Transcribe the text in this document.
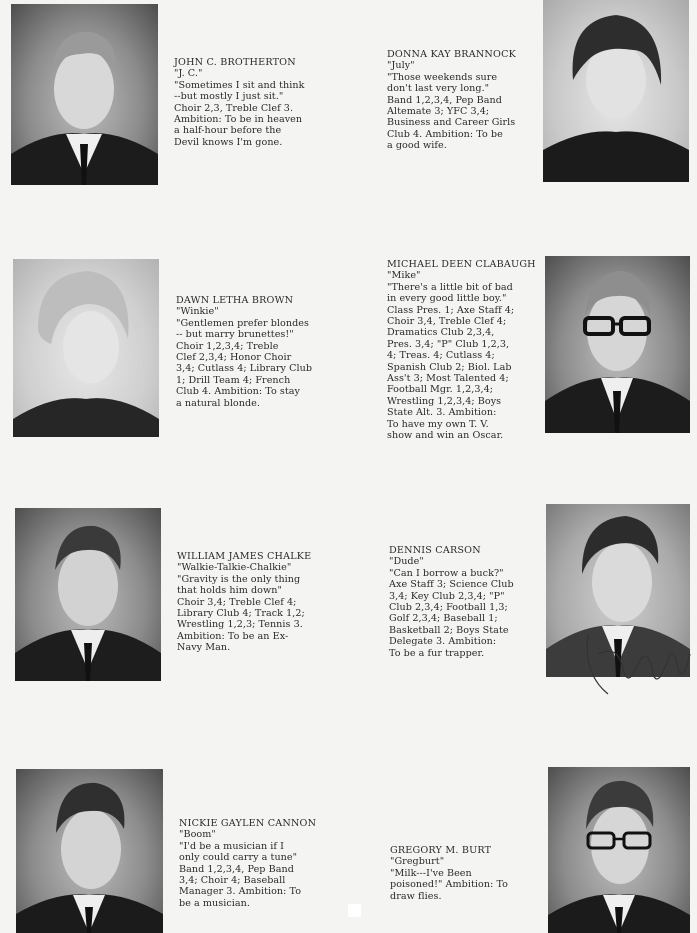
JOHN C. BROTHERTON
"J. C."
"Sometimes I sit and think
--but mostly I just sit."
Choir 2,3, Treble Clef 3.
Ambition: To be in heaven
a half-hour before the
Devil knows I'm gone.
DONNA KAY BRANNOCK
"July"
"Those weekends sure
don't last very long."
Band 1,2,3,4, Pep Band
Altemate 3; YFC 3,4;
Business and Career Girls
Club 4. Ambition: To be
a good wife.
DAWN LETHA BROWN
"Winkie"
"Gentlemen prefer blondes
-- but marry brunettes!"
Choir 1,2,3,4; Treble
Clef 2,3,4; Honor Choir
3,4; Cutlass 4; Library Club
1; Drill Team 4; French
Club 4. Ambition: To stay
a natural blonde.
MICHAEL DEEN CLABAUGH
"Mike"
"There's a little bit of bad
in every good little boy."
Class Pres. 1; Axe Staff 4;
Choir 3,4, Treble Clef 4;
Dramatics Club 2,3,4,
Pres. 3,4; "P" Club 1,2,3,
4; Treas. 4; Cutlass 4;
Spanish Club 2; Biol. Lab
Ass't 3; Most Talented 4;
Football Mgr. 1,2,3,4;
Wrestling 1,2,3,4; Boys
State Alt. 3. Ambition:
To have my own T. V.
show and win an Oscar.
WILLIAM JAMES CHALKE
"Walkie-Talkie-Chalkie"
"Gravity is the only thing
that holds him down"
Choir 3,4; Treble Clef 4;
Library Club 4; Track 1,2;
Wrestling 1,2,3; Tennis 3.
Ambition: To be an Ex-
Navy Man.
DENNIS CARSON
"Dude"
"Can I borrow a buck?"
Axe Staff 3; Science Club
3,4; Key Club 2,3,4; "P"
Club 2,3,4; Football 1,3;
Golf 2,3,4; Baseball 1;
Basketball 2; Boys State
Delegate 3. Ambition:
To be a fur trapper.
NICKIE GAYLEN CANNON
"Boom"
"I'd be a musician if I
only could carry a tune"
Band 1,2,3,4, Pep Band
3,4; Choir 4; Baseball
Manager 3. Ambition: To
be a musician.
GREGORY M. BURT
"Gregburt"
"Milk---I've Been
poisoned!" Ambition: To
draw flies.
